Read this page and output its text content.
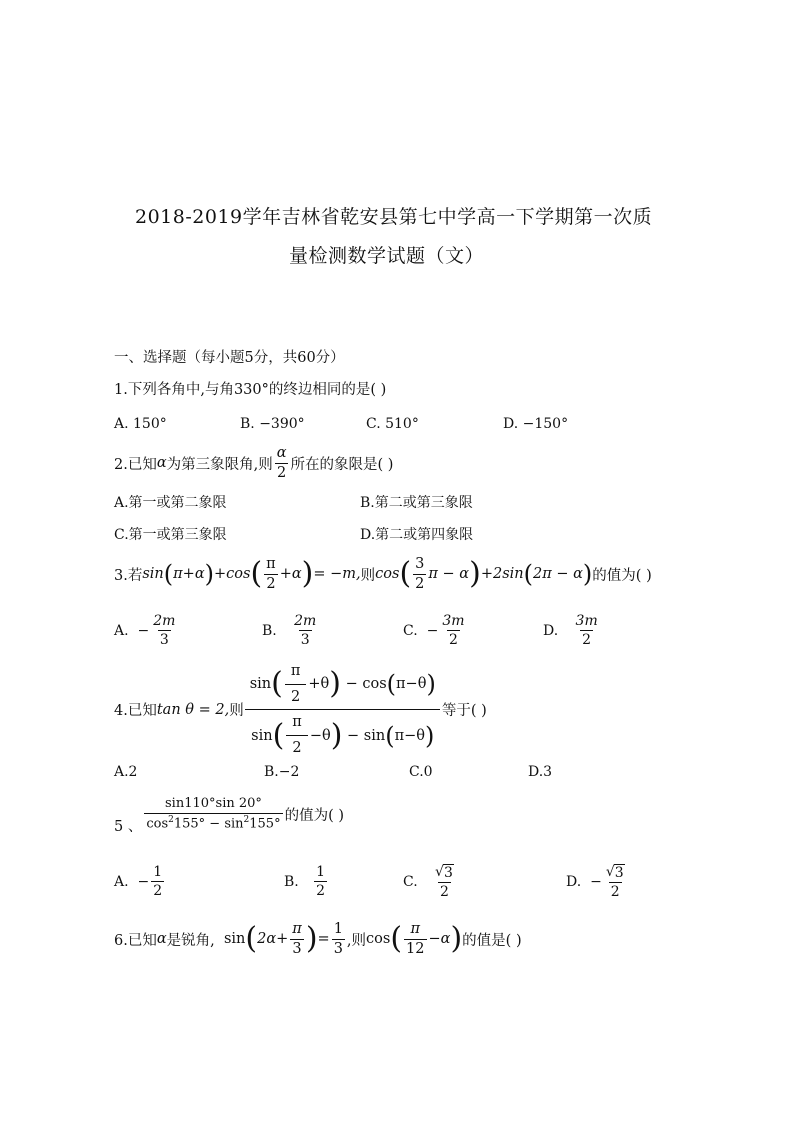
2018-2019学年吉林省乾安县第七中学高一下学期第一次质
量检测数学试题（文）
一、选择题（每小题5分，共60分）
1.下列各角中,与角330°的终边相同的是( )
A. 150°	B. −390°	C. 510°	D. −150°
2.已知 α 为第三象限角,则 $\frac{\alpha}{2}$ 所在的象限是( )
A.第一或第二象限	B.第二或第三象限
C.第一或第三象限	D.第二或第四象限
3.若 sin ( π+α ) + cos ( $\frac{\pi}{2} +\alpha$ ) = −m, 则 cos ( $\frac{3}{2}$ π − α ) +2sin ( 2π − α ) 的值为( )
A.
− $\frac{2m}{3}$	B.
$\frac{2m}{3}$	C.
− $\frac{3m}{2}$	D.
$\frac{3m}{2}$
4.已知 tan θ = 2, 则
sin ( $\frac{\pi}{2} +\theta$ )
− cos ( π−θ )
sin ( $\frac{\pi}{2} -\theta$ )
− sin ( π−θ )
等于( )
A.2	B.−2	C.0	D.3
5 、 $\frac{\sin 110^\circ\sin 20^\circ}{\cos^2155^\circ - \sin^2155^\circ}$ 的值为( )
A.
− $\frac{1}{2}$	B.
$\frac{1}{2}$	C.
$\frac{√ 3}{2}$	D.
− $\frac{√ 3}{2}$
6.已知 α 是锐角,
sin ( $2\alpha+ \frac{\pi}{3}$ ) = $\frac{1}{3}$ ,则 cos ( $\frac{\pi}{12} -\alpha$ ) 的值是( )
